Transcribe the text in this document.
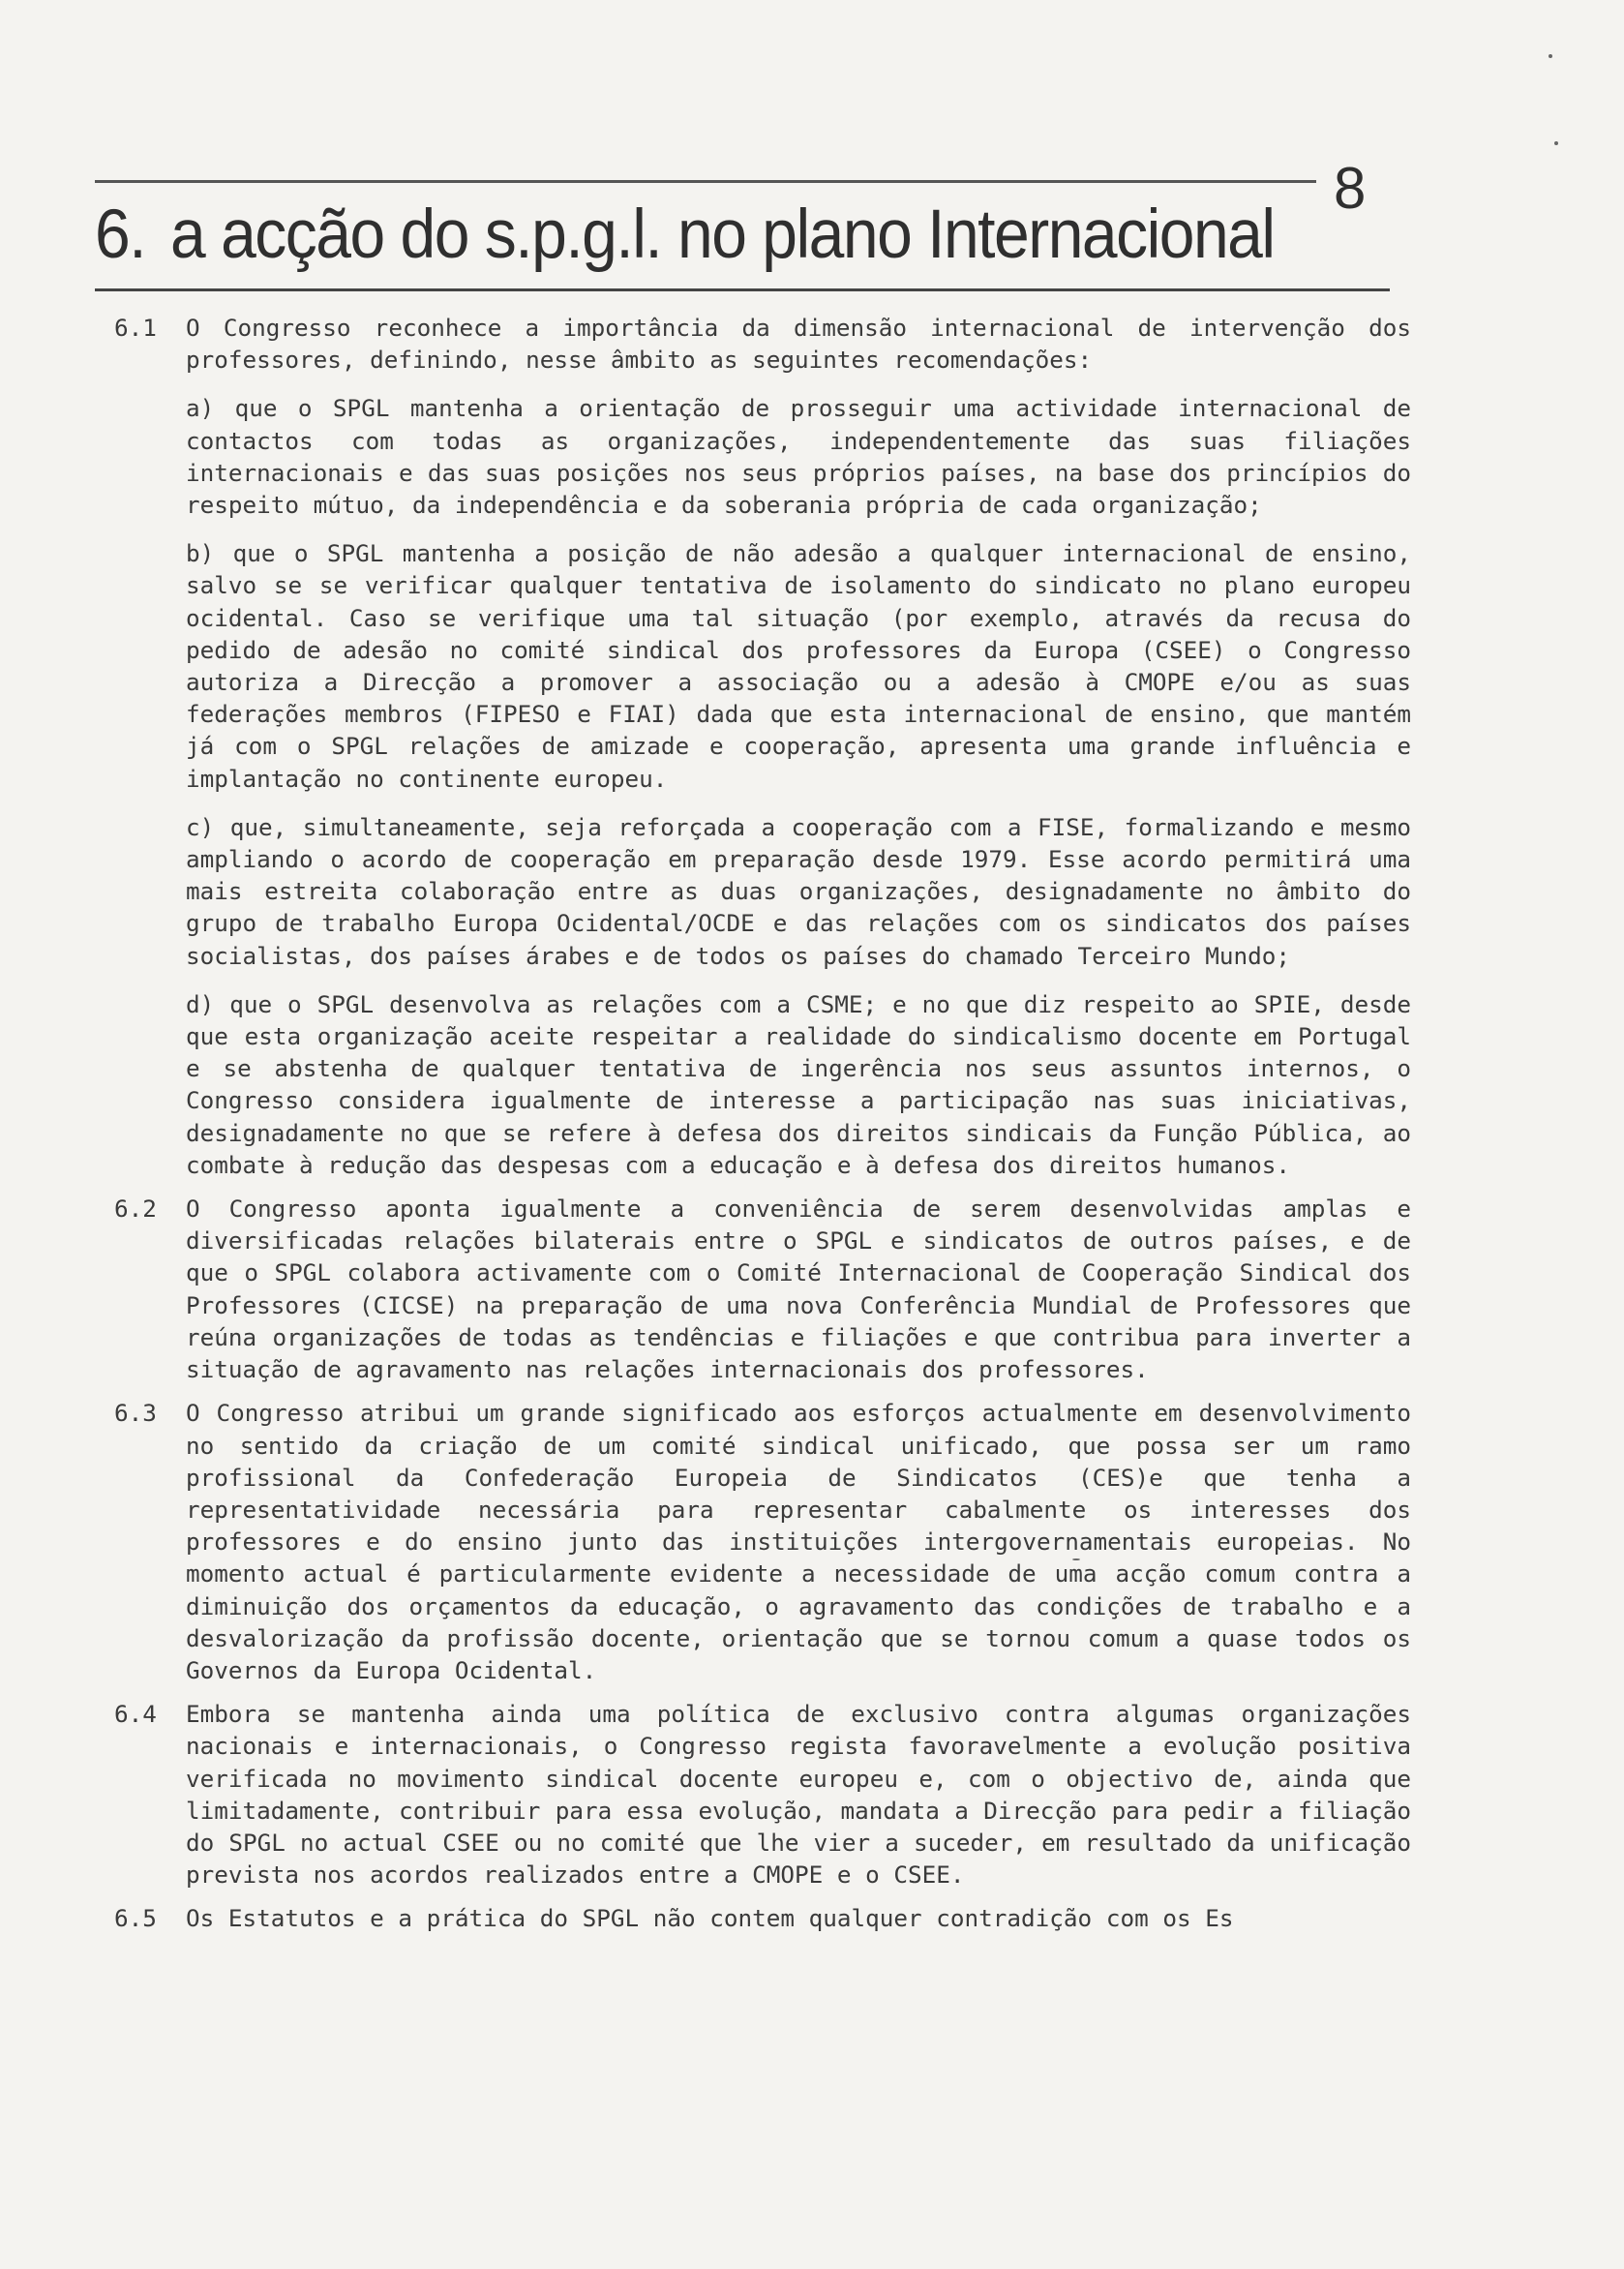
6. a acção do s.p.g.l. no plano Internacional
8
6.1 O Congresso reconhece a importância da dimensão internacional de intervenção dos professores, definindo, nesse âmbito as seguintes recomendações:

a) que o SPGL mantenha a orientação de prosseguir uma actividade internacional de contactos com todas as organizações, independentemente das suas filiações internacionais e das suas posições nos seus próprios países, na base dos princípios do respeito mútuo, da independência e da soberania própria de cada organização;

b) que o SPGL mantenha a posição de não adesão a qualquer internacional de ensino, salvo se se verificar qualquer tentativa de isolamento do sindicato no plano europeu ocidental. Caso se verifique uma tal situação (por exemplo, através da recusa do pedido de adesão no comité sindical dos professores da Europa (CSEE) o Congresso autoriza a Direcção a promover a associação ou a adesão à CMOPE e/ou as suas federações membros (FIPESO e FIAI) dada que esta internacional de ensino, que mantém já com o SPGL relações de amizade e cooperação, apresenta uma grande influência e implantação no continente europeu.

c) que, simultaneamente, seja reforçada a cooperação com a FISE, formalizando e mesmo ampliando o acordo de cooperação em preparação desde 1979. Esse acordo permitirá uma mais estreita colaboração entre as duas organizações, designadamente no âmbito do grupo de trabalho Europa Ocidental/OCDE e das relações com os sindicatos dos países socialistas, dos países árabes e de todos os países do chamado Terceiro Mundo;

d) que o SPGL desenvolva as relações com a CSME; e no que diz respeito ao SPIE, desde que esta organização aceite respeitar a realidade do sindicalismo docente em Portugal e se abstenha de qualquer tentativa de ingerência nos seus assuntos internos, o Congresso considera igualmente de interesse a participação nas suas iniciativas, designadamente no que se refere à defesa dos direitos sindicais da Função Pública, ao combate à redução das despesas com a educação e à defesa dos direitos humanos.

6.2 O Congresso aponta igualmente a conveniência de serem desenvolvidas amplas e diversificadas relações bilaterais entre o SPGL e sindicatos de outros países, e de que o SPGL colabora activamente com o Comité Internacional de Cooperação Sindical dos Professores (CICSE) na preparação de uma nova Conferência Mundial de Professores que reúna organizações de todas as tendências e filiações e que contribua para inverter a situação de agravamento nas relações internacionais dos professores.

6.3 O Congresso atribui um grande significado aos esforços actualmente em desenvolvimento no sentido da criação de um comité sindical unificado, que possa ser um ramo profissional da Confederação Europeia de Sindicatos (CES)e que tenha a representatividade necessária para representar cabalmente os interesses dos professores e do ensino junto das instituições intergovernamentais europeias. No momento actual é particularmente evidente a necessidade de uma acção comum contra a diminuição dos orçamentos da educação, o agravamento das condições de trabalho e a desvalorização da profissão docente, orientação que se tornou comum a quase todos os Governos da Europa Ocidental.

6.4 Embora se mantenha ainda uma política de exclusivo contra algumas organizações nacionais e internacionais, o Congresso regista favoravelmente a evolução positiva verificada no movimento sindical docente europeu e, com o objectivo de, ainda que limitadamente, contribuir para essa evolução, mandata a Direcção para pedir a filiação do SPGL no actual CSEE ou no comité que lhe vier a suceder, em resultado da unificação prevista nos acordos realizados entre a CMOPE e o CSEE.

6.5 Os Estatutos e a prática do SPGL não contem qualquer contradição com os Es
